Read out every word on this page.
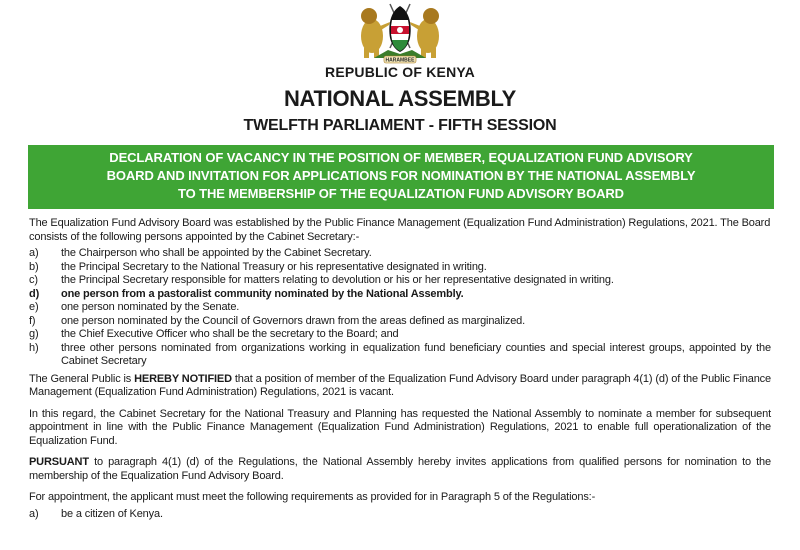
HARAMBEE
REPUBLIC OF KENYA
NATIONAL ASSEMBLY
TWELFTH PARLIAMENT - FIFTH SESSION
DECLARATION OF VACANCY IN THE POSITION OF MEMBER, EQUALIZATION FUND ADVISORY
BOARD AND INVITATION FOR APPLICATIONS FOR NOMINATION BY THE NATIONAL ASSEMBLY
TO THE MEMBERSHIP OF THE EQUALIZATION FUND ADVISORY BOARD

The Equalization Fund Advisory Board was established by the Public Finance Management (Equalization Fund Administration) Regulations, 2021. The Board consists of the following persons appointed by the Cabinet Secretary:-

a)	the Chairperson who shall be appointed by the Cabinet Secretary.
b)	the Principal Secretary to the National Treasury or his representative designated in writing.
c)	the Principal Secretary responsible for matters relating to devolution or his or her representative designated in writing.
d)	one person from a pastoralist community nominated by the National Assembly.
e)	one person nominated by the Senate.
f)	one person nominated by the Council of Governors drawn from the areas defined as marginalized.
g)	the Chief Executive Officer who shall be the secretary to the Board; and
h)	three other persons nominated from organizations working in equalization fund beneficiary counties and special interest groups, appointed by the Cabinet Secretary

The General Public is HEREBY NOTIFIED that a position of member of the Equalization Fund Advisory Board under paragraph 4(1) (d) of the Public Finance Management (Equalization Fund Administration) Regulations, 2021 is vacant.

In this regard, the Cabinet Secretary for the National Treasury and Planning has requested the National Assembly to nominate a member for subsequent appointment in line with the Public Finance Management (Equalization Fund Administration) Regulations, 2021 to enable full operationalization of the Equalization Fund.

PURSUANT to paragraph 4(1) (d) of the Regulations, the National Assembly hereby invites applications from qualified persons for nomination to the membership of the Equalization Fund Advisory Board.

For appointment, the applicant must meet the following requirements as provided for in Paragraph 5 of the Regulations:-

a)	be a citizen of Kenya.
